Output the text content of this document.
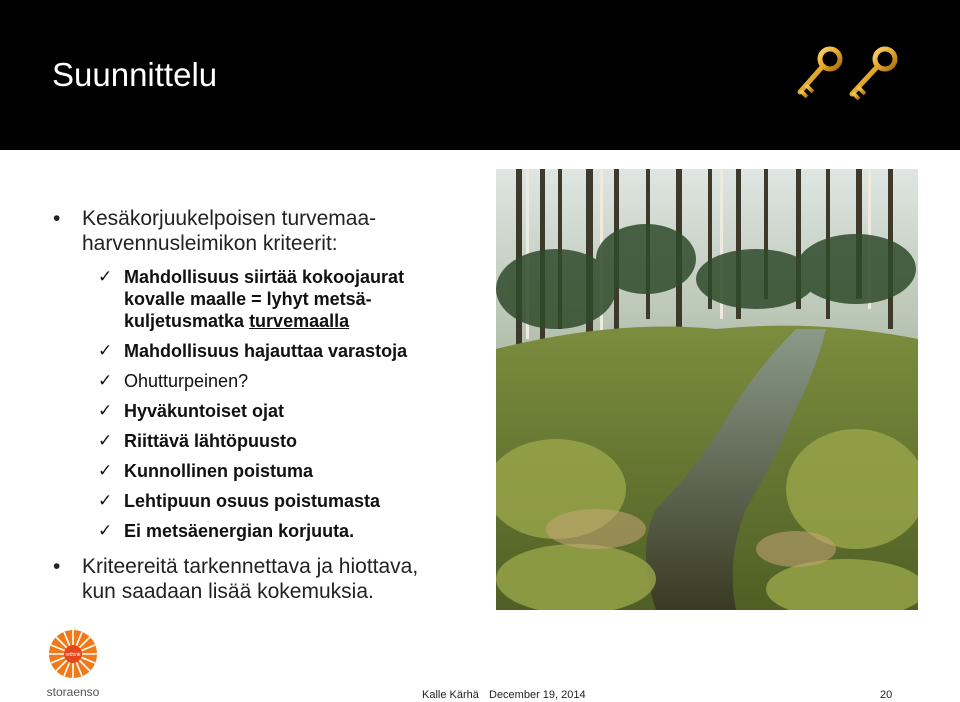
Suunnittelu
• Kesäkorjuukelpoisen turvemaa-
harvennusleimikon kriteerit:
✓ Mahdollisuus siirtää kokoojaurat
kovalle maalle = lyhyt metsä-
kuljetusmatka turvemaalla
✓ Mahdollisuus hajauttaa varastoja
✓ Ohutturpeinen?
✓ Hyväkuntoiset ojat
✓ Riittävä lähtöpuusto
✓ Kunnollinen poistuma
✓ Lehtipuun osuus poistumasta
✓ Ei metsäenergian korjuuta.
• Kriteereitä tarkennettava ja hiottava,
kun saadaan lisää kokemuksia.
rethink
storaenso	Kalle Kärhä December 19, 2014	20
